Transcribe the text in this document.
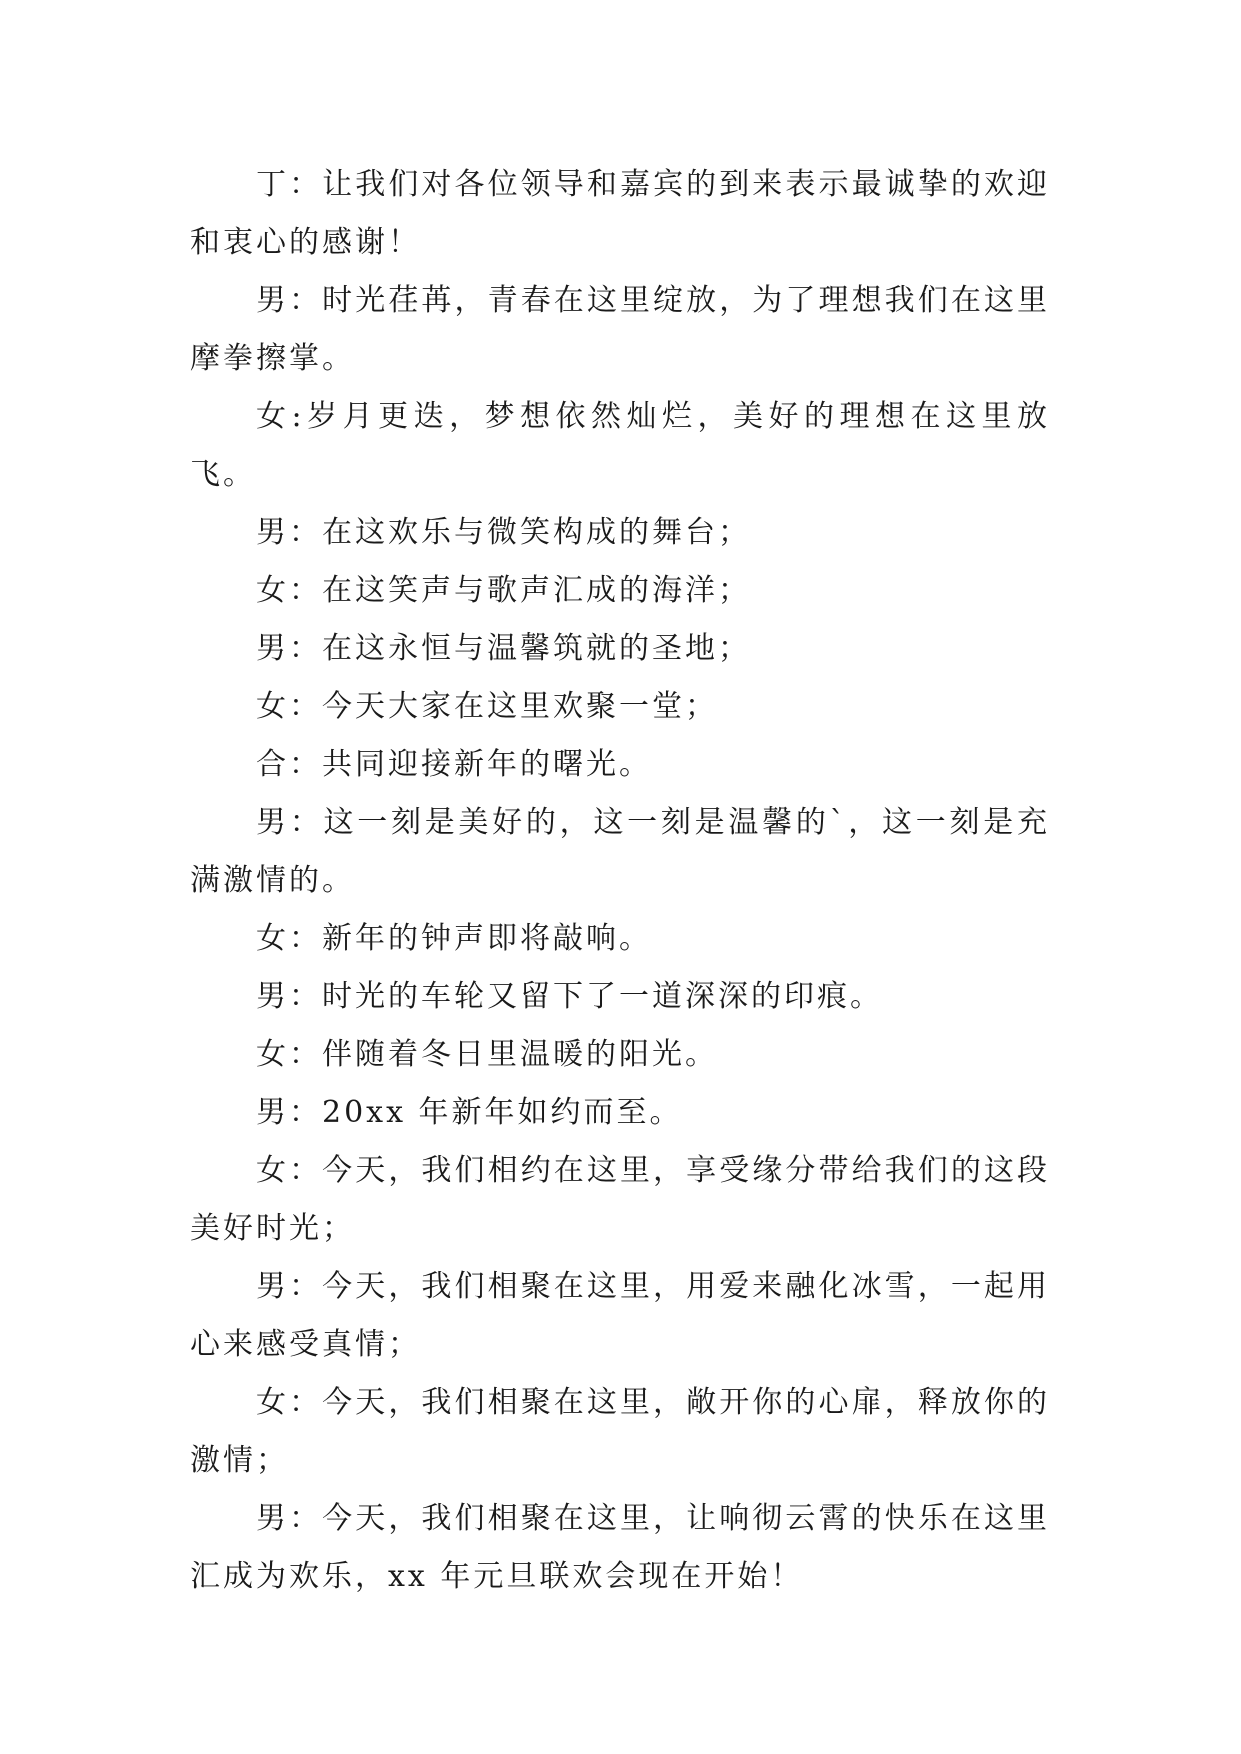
丁：让我们对各位领导和嘉宾的到来表示最诚挚的欢迎和衷心的感谢！

男：时光荏苒，青春在这里绽放，为了理想我们在这里摩拳擦掌。

女:岁月更迭，梦想依然灿烂，美好的理想在这里放飞。

男：在这欢乐与微笑构成的舞台；

女：在这笑声与歌声汇成的海洋；

男：在这永恒与温馨筑就的圣地；

女：今天大家在这里欢聚一堂；

合：共同迎接新年的曙光。

男：这一刻是美好的，这一刻是温馨的`，这一刻是充满激情的。

女：新年的钟声即将敲响。

男：时光的车轮又留下了一道深深的印痕。

女：伴随着冬日里温暖的阳光。

男：20xx 年新年如约而至。

女：今天，我们相约在这里，享受缘分带给我们的这段美好时光；

男：今天，我们相聚在这里，用爱来融化冰雪，一起用心来感受真情；

女：今天，我们相聚在这里，敞开你的心扉，释放你的激情；

男：今天，我们相聚在这里，让响彻云霄的快乐在这里汇成为欢乐，xx 年元旦联欢会现在开始！
